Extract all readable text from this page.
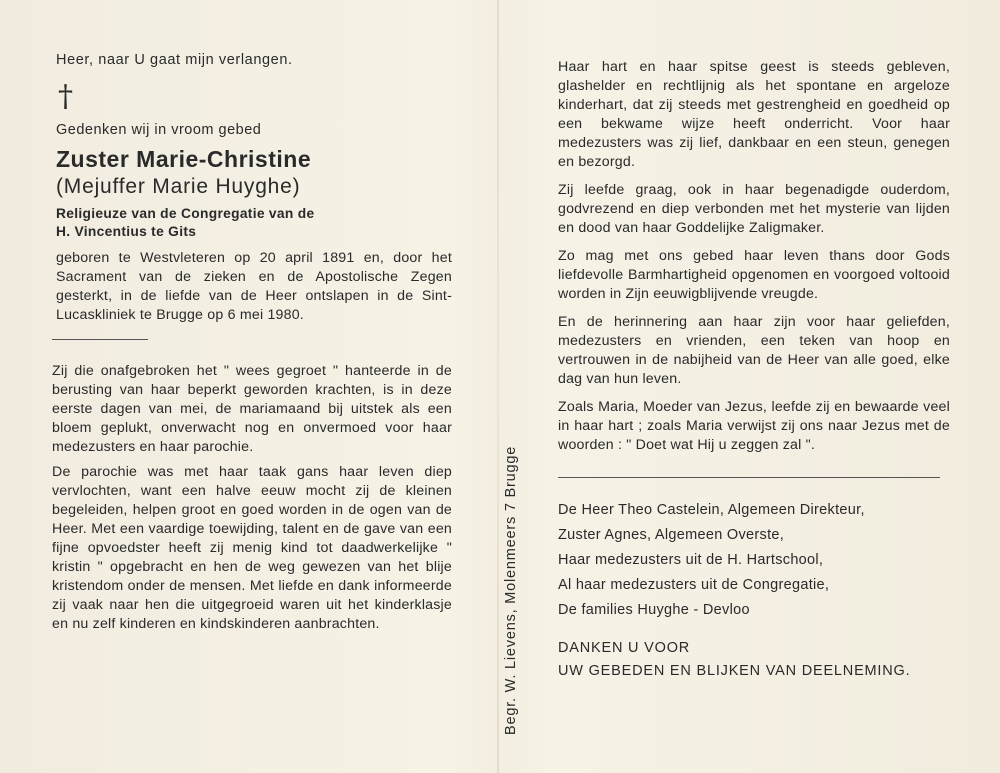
Heer, naar U gaat mijn verlangen.
†
Gedenken wij in vroom gebed
Zuster Marie-Christine
(Mejuffer Marie Huyghe)
Religieuze van de Congregatie van de
H. Vincentius te Gits
geboren te Westvleteren op 20 april 1891 en, door het Sacrament van de zieken en de Apostolische Zegen gesterkt, in de liefde van de Heer ontslapen in de Sint-Lucaskliniek te Brugge op 6 mei 1980.
Zij die onafgebroken het " wees gegroet " hanteerde in de berusting van haar beperkt geworden krachten, is in deze eerste dagen van mei, de mariamaand bij uitstek als een bloem geplukt, onverwacht nog en onvermoed voor haar medezusters en haar parochie.
De parochie was met haar taak gans haar leven diep vervlochten, want een halve eeuw mocht zij de kleinen begeleiden, helpen groot en goed worden in de ogen van de Heer. Met een vaardige toewijding, talent en de gave van een fijne opvoedster heeft zij menig kind tot daadwerkelijke " kristin " opgebracht en hen de weg gewezen van het blije kristendom onder de mensen. Met liefde en dank informeerde zij vaak naar hen die uitgegroeid waren uit het kinderklasje en nu zelf kinderen en kindskinderen aanbrachten.	Begr. W. Lievens, Molenmeers 7 Brugge
Haar hart en haar spitse geest is steeds gebleven, glashelder en rechtlijnig als het spontane en argeloze kinderhart, dat zij steeds met gestrengheid en goedheid op een bekwame wijze heeft onderricht. Voor haar medezusters was zij lief, dankbaar en een steun, genegen en bezorgd.
Zij leefde graag, ook in haar begenadigde ouderdom, godvrezend en diep verbonden met het mysterie van lijden en dood van haar Goddelijke Zaligmaker.
Zo mag met ons gebed haar leven thans door Gods liefdevolle Barmhartigheid opgenomen en voorgoed voltooid worden in Zijn eeuwigblijvende vreugde.
En de herinnering aan haar zijn voor haar geliefden, medezusters en vrienden, een teken van hoop en vertrouwen in de nabijheid van de Heer van alle goed, elke dag van hun leven.
Zoals Maria, Moeder van Jezus, leefde zij en bewaarde veel in haar hart ; zoals Maria verwijst zij ons naar Jezus met de woorden : " Doet wat Hij u zeggen zal ".
De Heer Theo Castelein, Algemeen Direkteur,
Zuster Agnes, Algemeen Overste,
Haar medezusters uit de H. Hartschool,
Al haar medezusters uit de Congregatie,
De families Huyghe - Devloo
DANKEN U VOOR
UW GEBEDEN EN BLIJKEN VAN DEELNEMING.
